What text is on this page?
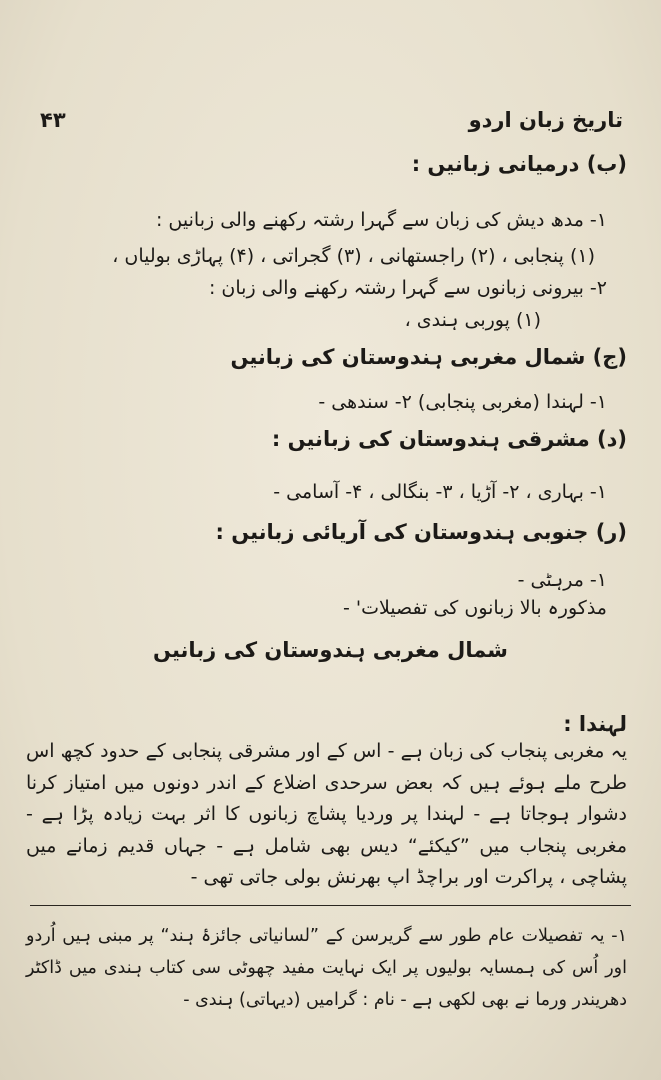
تاریخ زبان اردو
۴۳
(ب) درمیانی زبانیں :
۱- مدھ دیش کی زبان سے گہرا رشتہ رکھنے والی زبانیں :
(۱) پنجابی ، (۲) راجستھانی ، (۳) گجراتی ، (۴) پہاڑی بولیاں ،
۲- بیرونی زبانوں سے گہرا رشتہ رکھنے والی زبان :
(۱) پوربی ہندی ،
(ج) شمال مغربی ہندوستان کی زبانیں
۱- لہندا (مغربی پنجابی) ۲- سندھی -
(د) مشرقی ہندوستان کی زبانیں :
۱- بہاری ، ۲- آڑیا ، ۳- بنگالی ، ۴- آسامی -
(ر) جنوبی ہندوستان کی آریائی زبانیں :
۱- مرہٹی -
مذکورہ بالا زبانوں کی تفصیلات' -
شمال مغربی ہندوستان کی زبانیں
لہندا :
یہ مغربی پنجاب کی زبان ہے - اس کے اور مشرقی پنجابی کے حدود کچھ اس طرح ملے ہوئے ہیں کہ بعض سرحدی اضلاع کے اندر دونوں میں امتیاز کرنا دشوار ہوجاتا ہے - لہندا پر وردیا پشاچ زبانوں کا اثر بہت زیادہ پڑا ہے - مغربی پنجاب میں ”کیکئے“ دیس بھی شامل ہے - جہاں قدیم زمانے میں پشاچی ، پراکرت اور براچڈ اپ بھرنش بولی جاتی تھی -
۱- یہ تفصیلات عام طور سے گریرسن کے ”لسانیاتی جائزۂ ہند“ پر مبنی ہیں اُردو اور اُس کی ہمسایہ بولیوں پر ایک نہایت مفید چھوٹی سی کتاب ہندی میں ڈاکٹر دھریندر ورما نے بھی لکھی ہے - نام : گرامیں (دیہاتی) ہندی -
